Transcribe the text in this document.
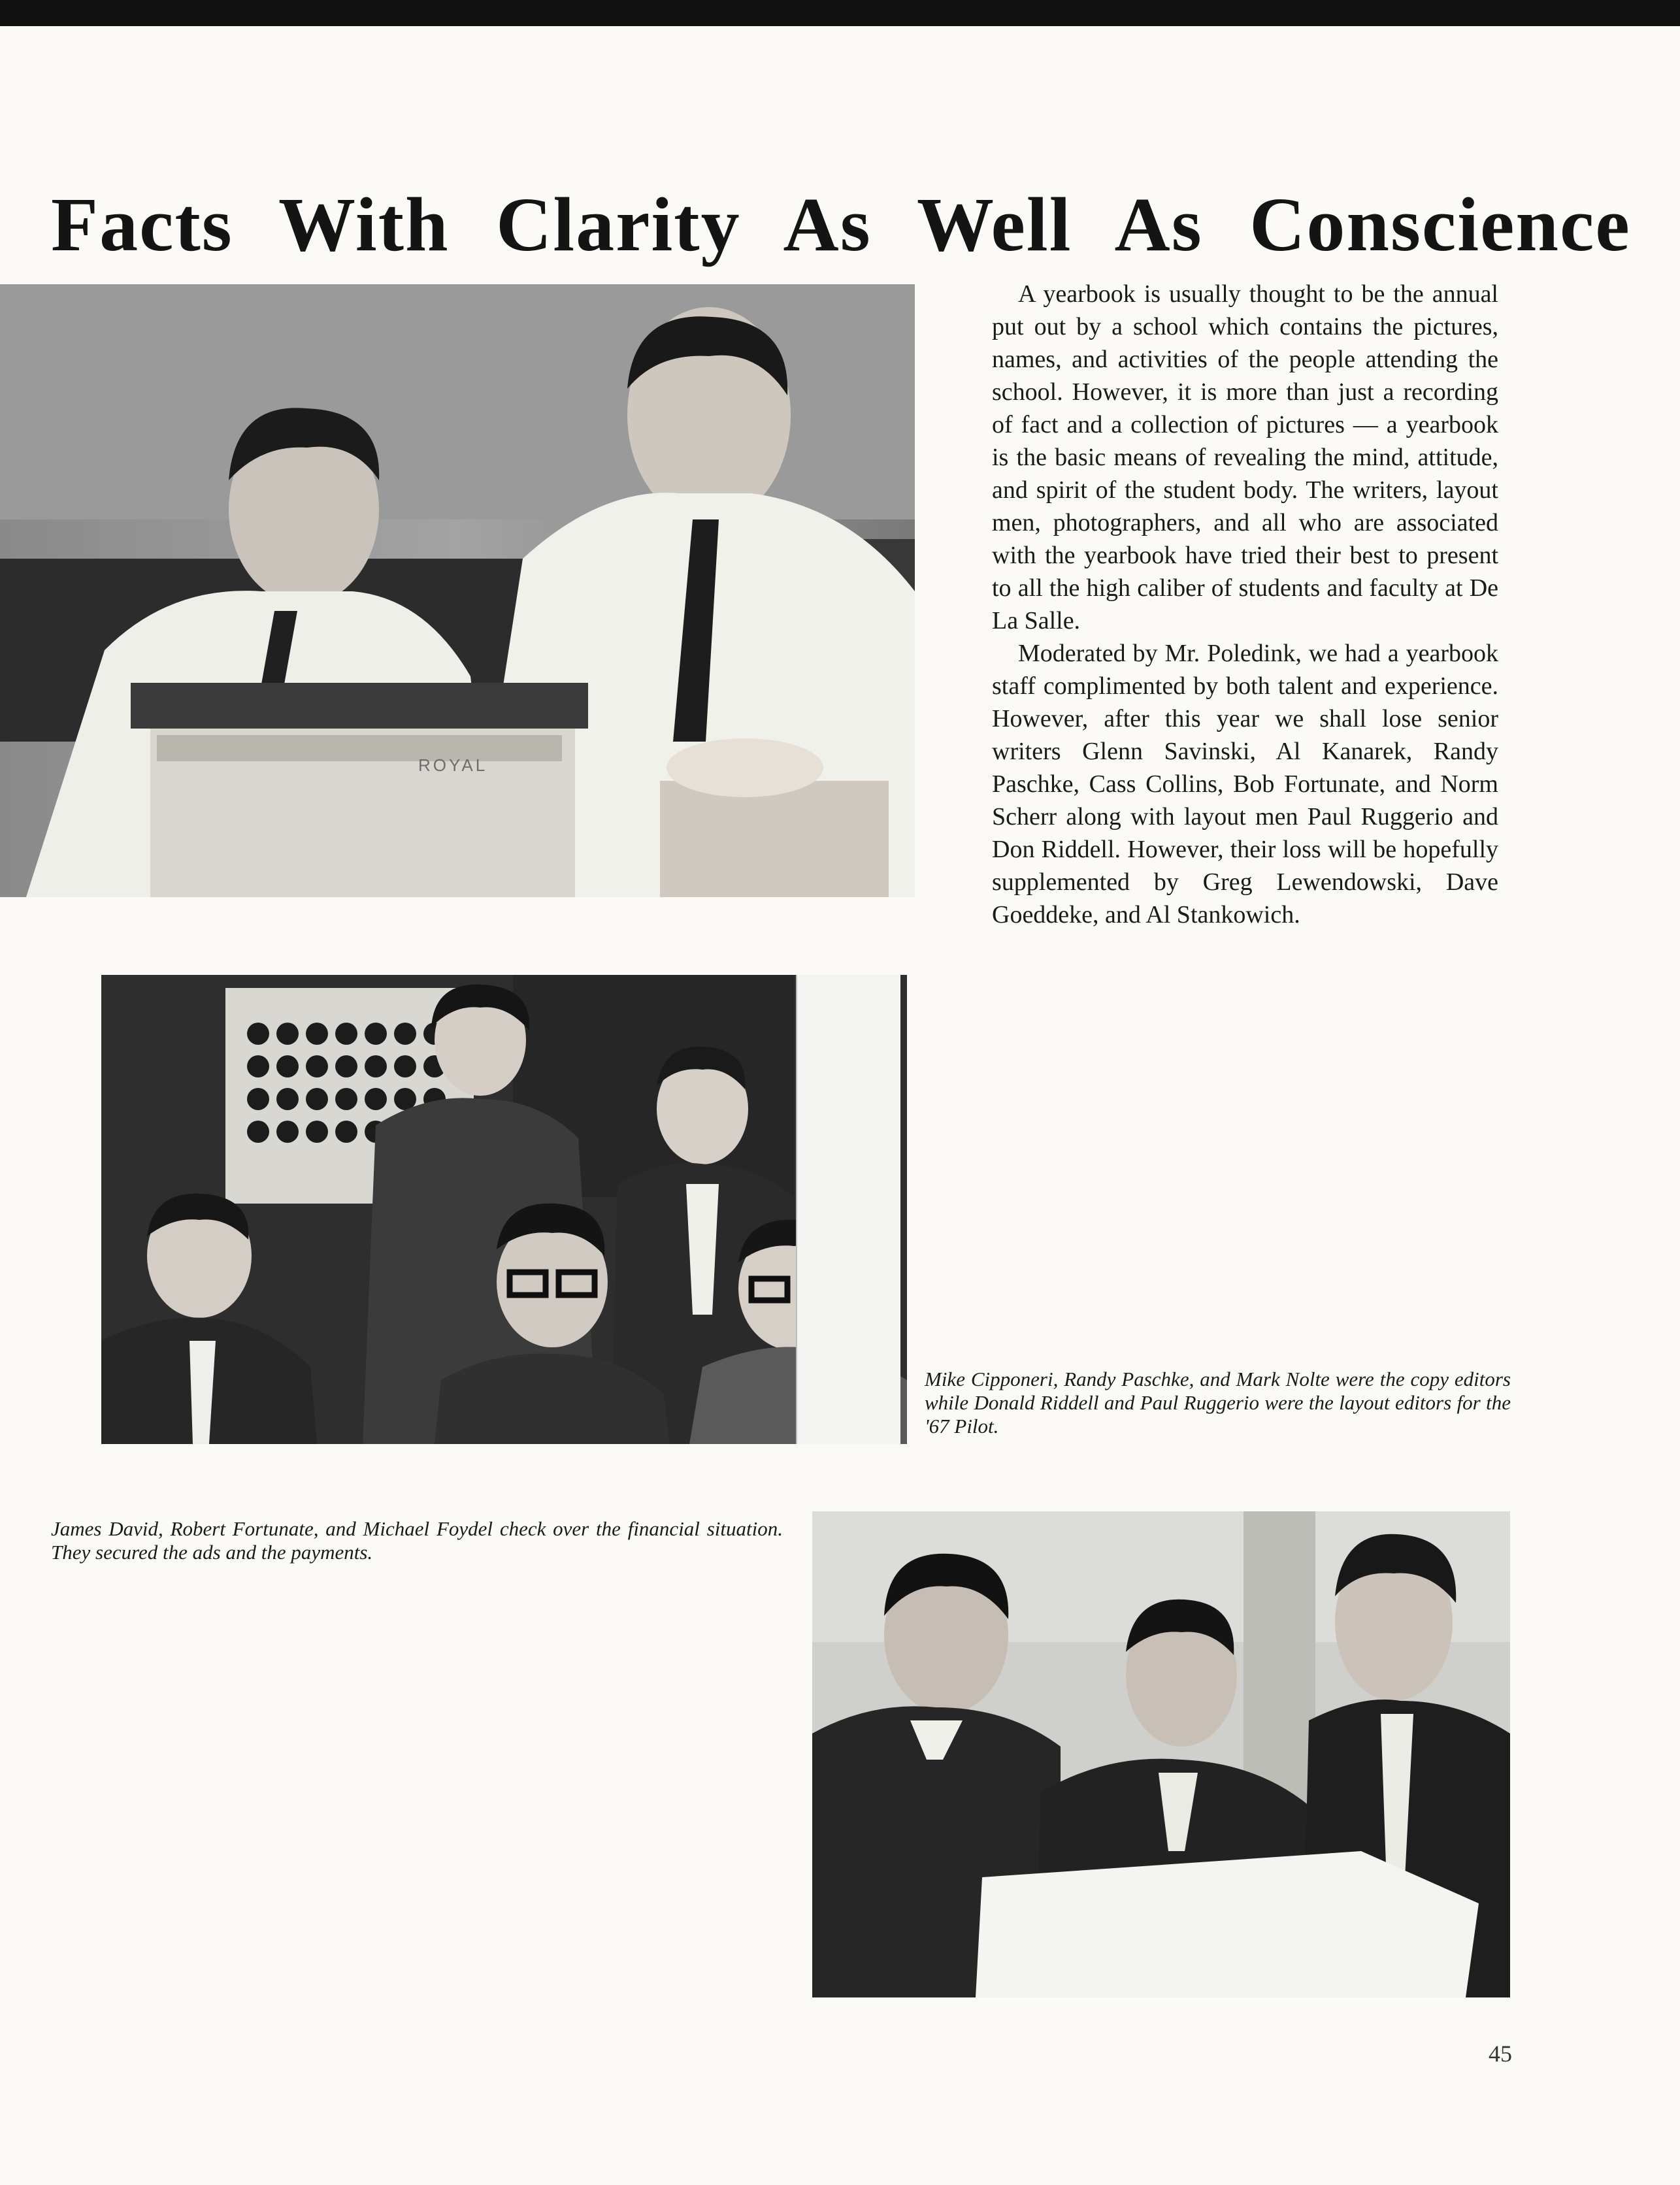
Facts With Clarity As Well As Conscience
ROYAL

A yearbook is usually thought to be the annual put out by a school which contains the pictures, names, and activities of the people attending the school. However, it is more than just a recording of fact and a collection of pictures — a yearbook is the basic means of revealing the mind, attitude, and spirit of the student body. The writers, layout men, photographers, and all who are associated with the yearbook have tried their best to present to all the high caliber of students and faculty at De La Salle.

Moderated by Mr. Poledink, we had a yearbook staff complimented by both talent and experience. However, after this year we shall lose senior writers Glenn Savinski, Al Kanarek, Randy Paschke, Cass Collins, Bob Fortunate, and Norm Scherr along with layout men Paul Ruggerio and Don Riddell. However, their loss will be hopefully supplemented by Greg Lewendowski, Dave Goeddeke, and Al Stankowich.

Mike Cipponeri, Randy Paschke, and Mark Nolte were the copy editors while Donald Riddell and Paul Ruggerio were the layout editors for the '67 Pilot.
James David, Robert Fortunate, and Michael Foydel check over the financial situation. They secured the ads and the payments.
45
